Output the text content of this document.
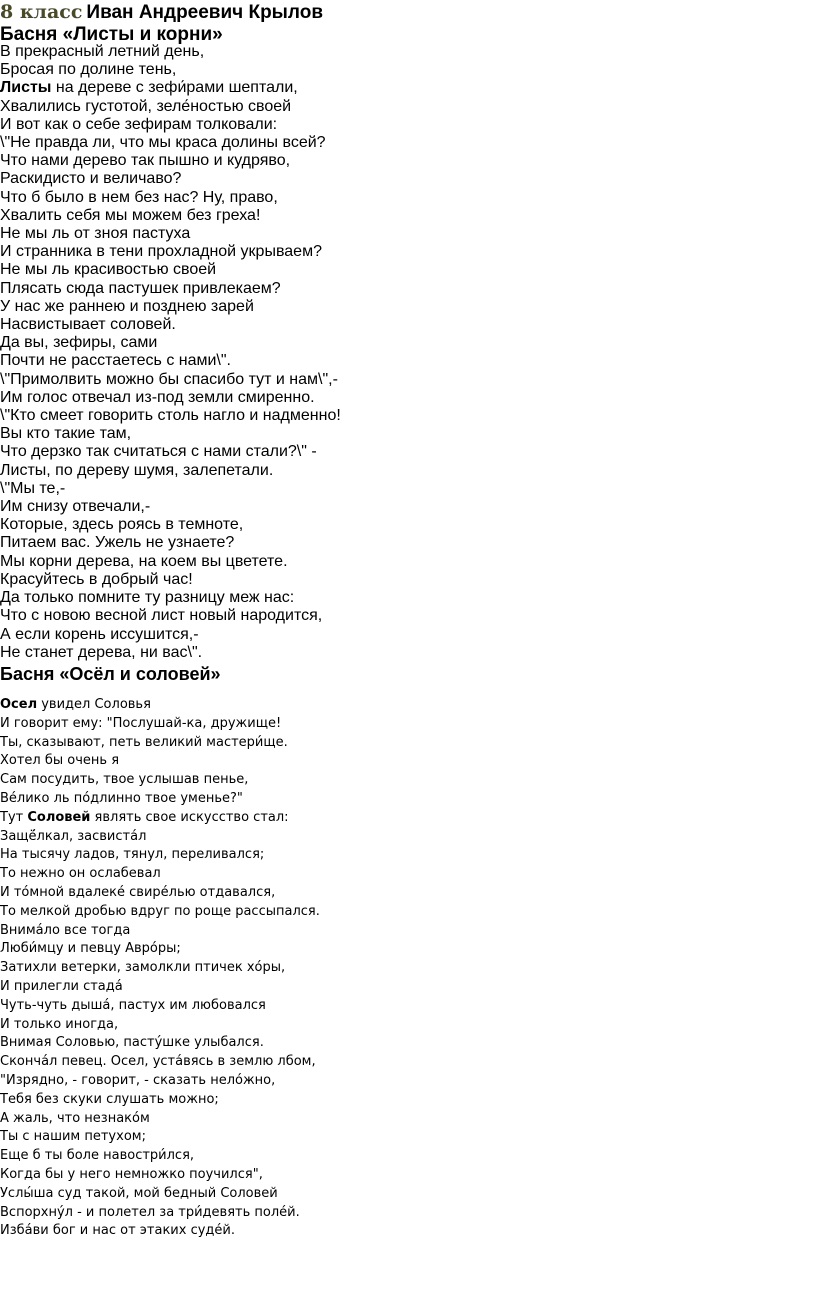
8 класс Иван Андреевич Крылов
Басня «Листы и корни»
В прекрасный летний день,
Бросая по долине тень,
Листы на дереве с зефи́рами шептали,
Хвалились густотой, зеле́ностью своей
И вот как о себе зефирам толковали:
\"Не правда ли, что мы краса долины всей?
Что нами дерево так пышно и кудряво,
Раскидисто и величаво?
Что б было в нем без нас? Ну, право,
Хвалить себя мы можем без греха!
Не мы ль от зноя пастуха
И странника в тени прохладной укрываем?
Не мы ль красивостью своей
Плясать сюда пастушек привлекаем?
У нас же раннею и позднею зарей
Насвистывает соловей.
Да вы, зефиры, сами
Почти не расстаетесь с нами\".
\"Примолвить можно бы спасибо тут и нам\",-
Им голос отвечал из-под земли смиренно.
\"Кто смеет говорить столь нагло и надменно!
Вы кто такие там,
Что дерзко так считаться с нами стали?\" -
Листы, по дереву шумя, залепетали.
\"Мы те,-
Им снизу отвечали,-
Которые, здесь роясь в темноте,
Питаем вас. Ужель не узнаете?
Мы корни дерева, на коем вы цветете.
Красуйтесь в добрый час!
Да только помните ту разницу меж нас:
Что с новою весной лист новый народится,
А если корень иссушится,-
Не станет дерева, ни вас\".
Басня «Осёл и соловей»
Осел увидел Соловья
И говорит ему: "Послушай-ка, дружище!
Ты, сказывают, петь великий мастери́ще.
Хотел бы очень я
Сам посудить, твое услышав пенье,
Ве́лико ль по́длинно твое уменье?"
Тут Соловей являть свое искусство стал:
Защё́лкал, засвиста́л
На тысячу ладов, тянул, переливался;
То нежно он ослабевал
И то́мной вдалеке́ свире́лью отдавался,
То мелкой дробью вдруг по роще рассыпался.
Внима́ло все тогда
Люби́мцу и певцу Авро́ры;
Затихли ветерки, замолкли птичек хо́ры,
И прилегли стада́
Чуть-чуть дыша́, пастух им любовался
И только иногда,
Внимая Соловью, пасту́шке улыбался.
Сконча́л певец. Осел, уста́вясь в землю лбом,
"Изрядно, - говорит, - сказать нело́жно,
Тебя без скуки слушать можно;
А жаль, что незнако́м
Ты с нашим петухом;
Еще б ты боле навостри́лся,
Когда бы у него немножко поучился",
Услы́ша суд такой, мой бедный Соловей
Вспорхну́л - и полетел за три́девять поле́й.
Изба́ви бог и нас от этаких суде́й.
